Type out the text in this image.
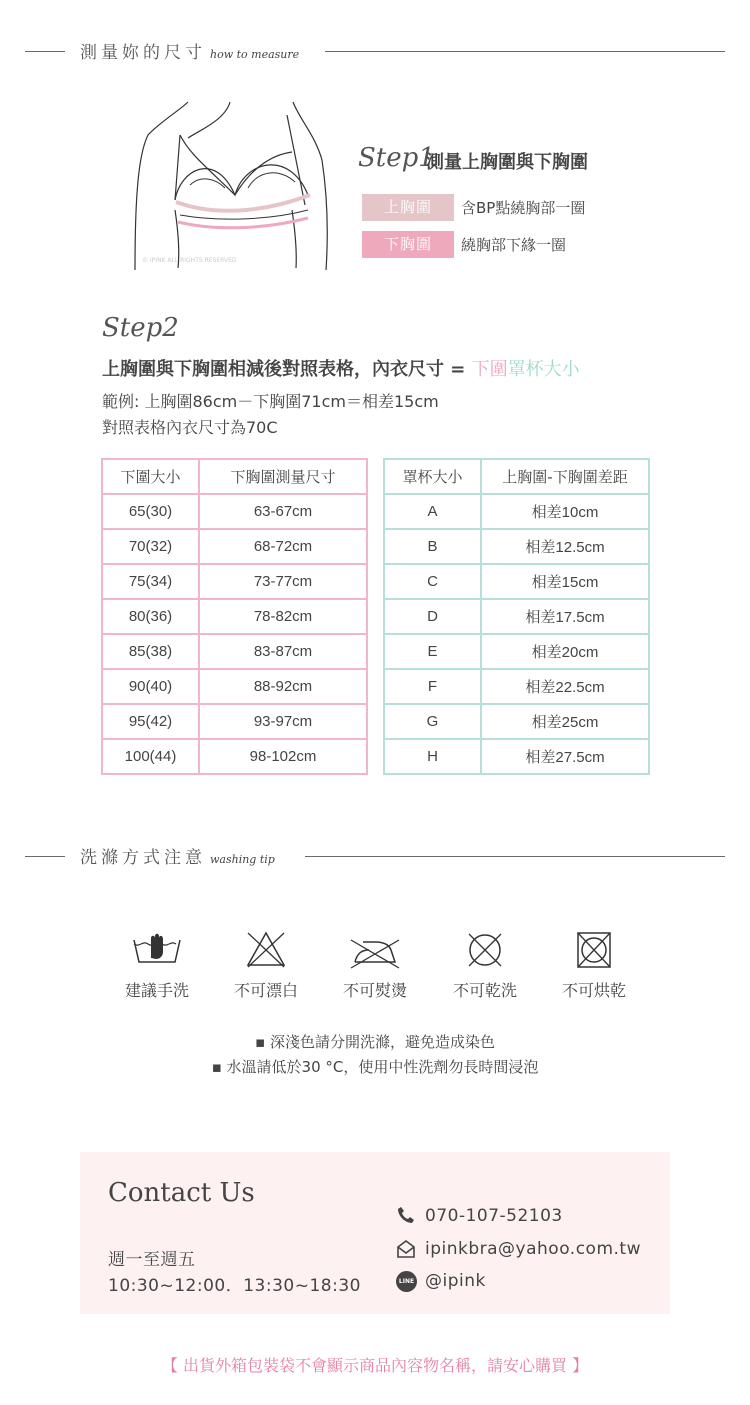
測量妳的尺寸 how to measure
© IPINK ALL RIGHTS RESERVED
Step1
測量上胸圍與下胸圍
上胸圍	含BP點繞胸部一圈
下胸圍	繞胸部下緣一圈
Step2
上胸圍與下胸圍相減後對照表格，內衣尺寸 = 下圍罩杯大小
範例: 上胸圍86cm－下胸圍71cm＝相差15cm
對照表格內衣尺寸為70C
下圍大小	下胸圍測量尺寸
65(30)	63-67cm
70(32)	68-72cm
75(34)	73-77cm
80(36)	78-82cm
85(38)	83-87cm
90(40)	88-92cm
95(42)	93-97cm
100(44)	98-102cm
罩杯大小	上胸圍-下胸圍差距
A	相差10cm
B	相差12.5cm
C	相差15cm
D	相差17.5cm
E	相差20cm
F	相差22.5cm
G	相差25cm
H	相差27.5cm
洗滌方式注意 washing tip
建議手洗	不可漂白	不可熨燙	不可乾洗	不可烘乾
▪ 深淺色請分開洗滌，避免造成染色
▪ 水溫請低於30 °C，使用中性洗劑勿長時間浸泡
Contact Us
週一至週五
10:30~12:00．13:30~18:30
070-107-52103
ipinkbra@yahoo.com.tw
LINE @ipink
【 出貨外箱包裝袋不會顯示商品內容物名稱，請安心購買 】
